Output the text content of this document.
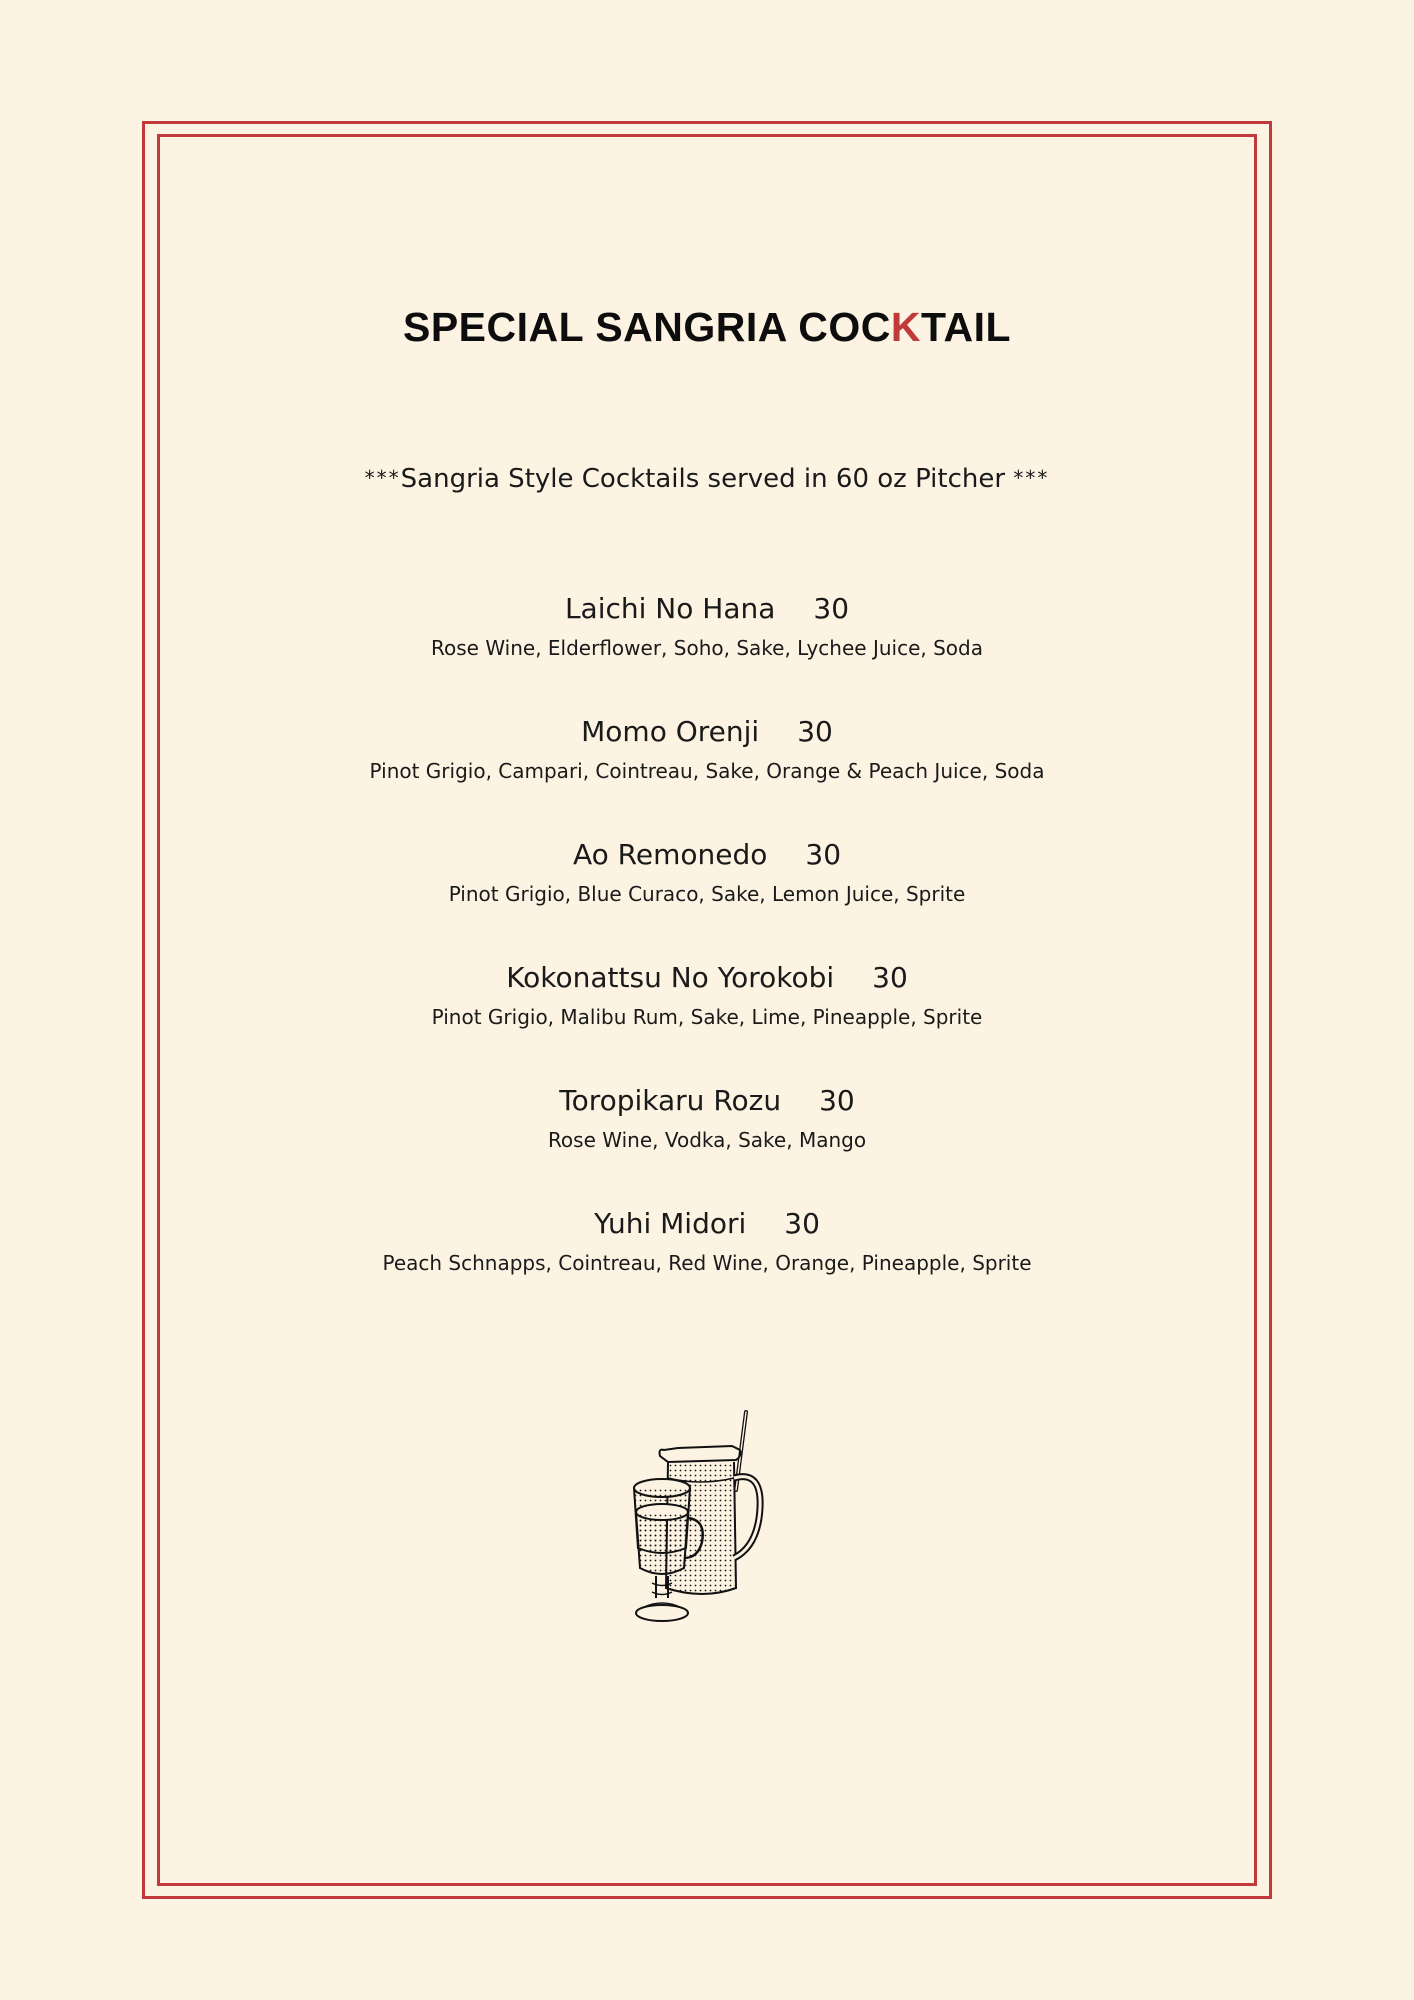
SPECIAL SANGRIA COCKTAIL
***Sangria Style Cocktails served in 60 oz Pitcher ***
Laichi No Hana 30
Rose Wine, Elderflower, Soho, Sake, Lychee Juice, Soda
Momo Orenji 30
Pinot Grigio, Campari, Cointreau, Sake, Orange & Peach Juice, Soda
Ao Remonedo 30
Pinot Grigio, Blue Curaco, Sake, Lemon Juice, Sprite
Kokonattsu No Yorokobi 30
Pinot Grigio, Malibu Rum, Sake, Lime, Pineapple, Sprite
Toropikaru Rozu 30
Rose Wine, Vodka, Sake, Mango
Yuhi Midori 30
Peach Schnapps, Cointreau, Red Wine, Orange, Pineapple, Sprite
